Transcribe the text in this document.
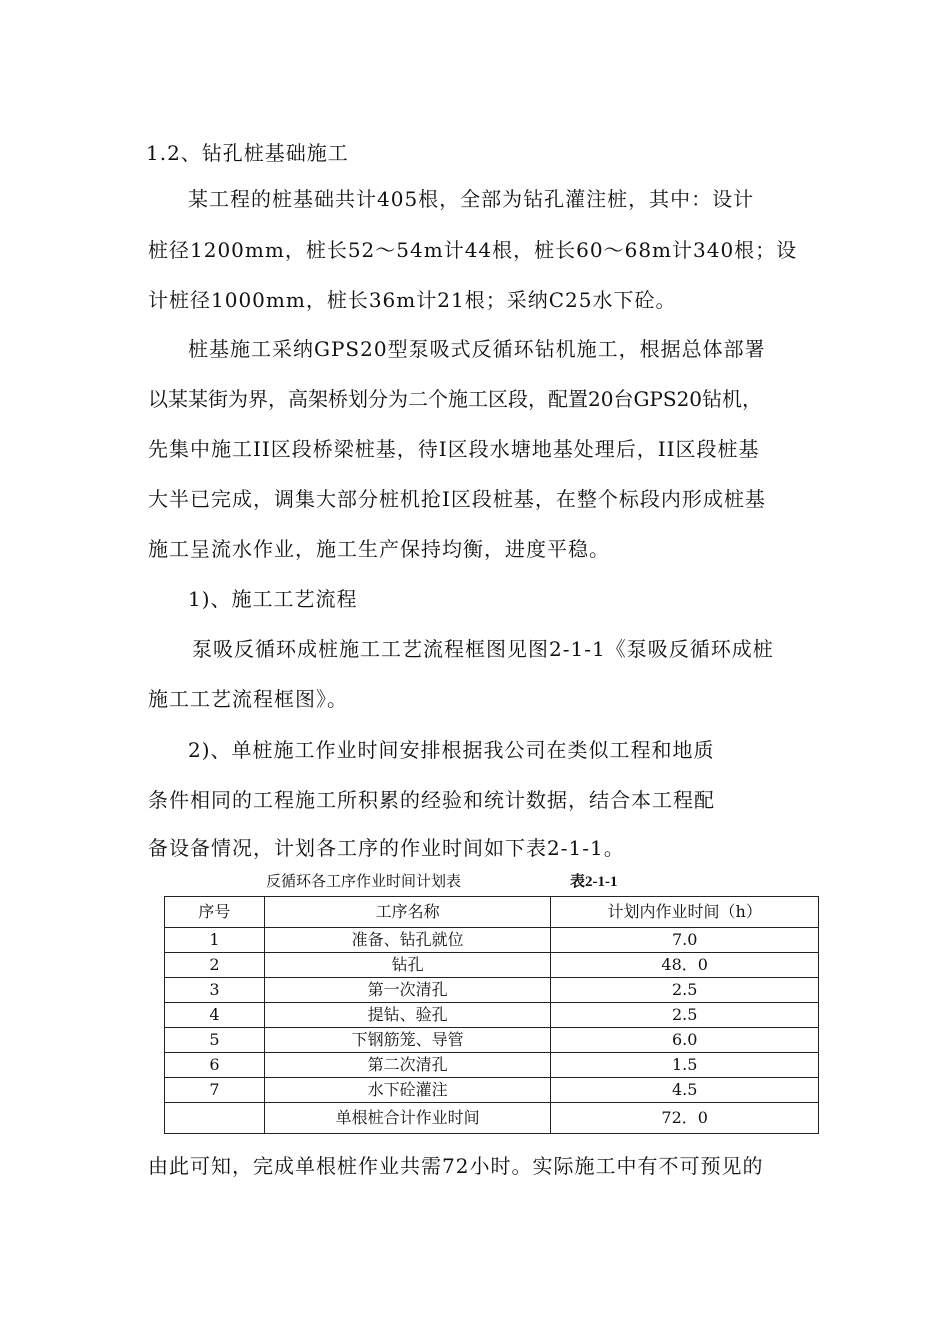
1.2、钻孔桩基础施工
某工程的桩基础共计405根，全部为钻孔灌注桩，其中：设计
桩径1200mm，桩长52～54m计44根，桩长60～68m计340根；设
计桩径1000mm，桩长36m计21根；采纳C25水下砼。
桩基施工采纳GPS20型泵吸式反循环钻机施工，根据总体部署
以某某街为界，高架桥划分为二个施工区段，配置20台GPS20钻机，
先集中施工II区段桥梁桩基，待I区段水塘地基处理后，II区段桩基
大半已完成，调集大部分桩机抢I区段桩基，在整个标段内形成桩基
施工呈流水作业，施工生产保持均衡，进度平稳。
1)、施工工艺流程
泵吸反循环成桩施工工艺流程框图见图2-1-1《泵吸反循环成桩
施工工艺流程框图》。
2)、单桩施工作业时间安排根据我公司在类似工程和地质
条件相同的工程施工所积累的经验和统计数据，结合本工程配
备设备情况，计划各工序的作业时间如下表2-1-1。
反循环各工序作业时间计划表	表2-1-1
序号	工序名称	计划内作业时间（h）
1	准备、钻孔就位	7.0
2	钻孔	48．0
3	第一次清孔	2.5
4	提钻、验孔	2.5
5	下钢筋笼、导管	6.0
6	第二次清孔	1.5
7	水下砼灌注	4.5
	单根桩合计作业时间	72．0
由此可知，完成单根桩作业共需72小时。实际施工中有不可预见的
